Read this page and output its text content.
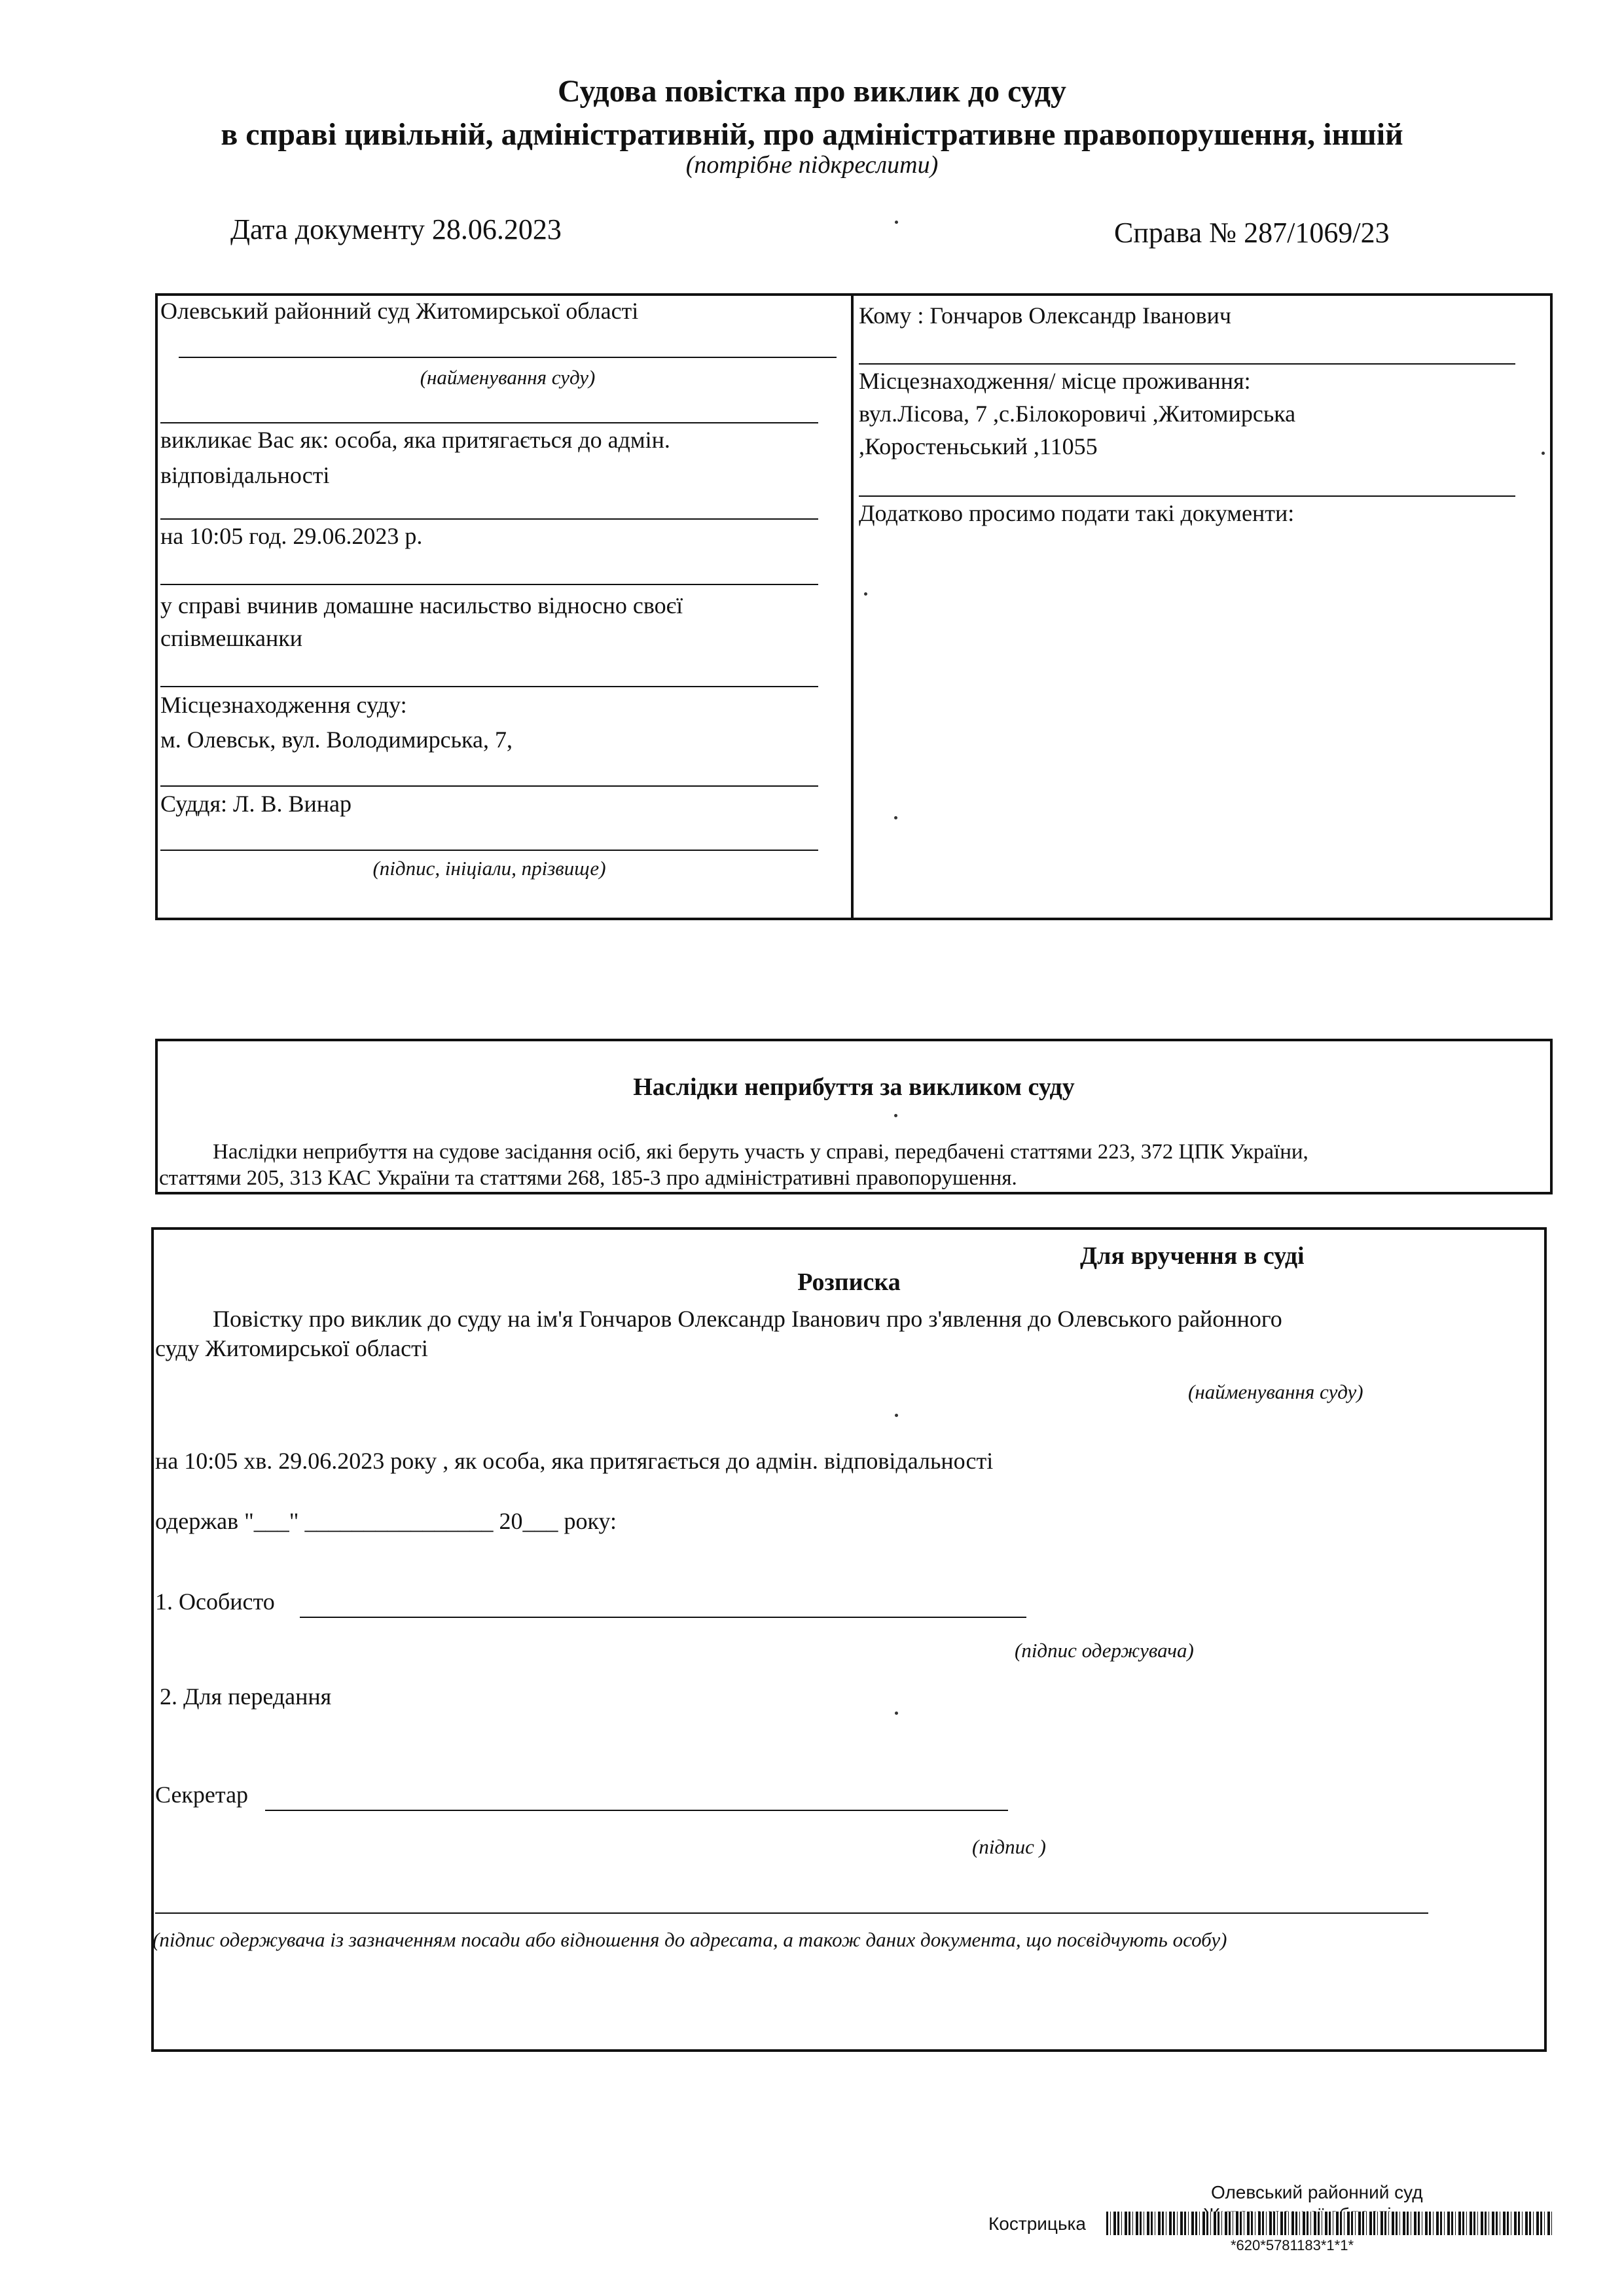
Судова повістка про виклик до суду
в справі цивільній, адміністративній, про адміністративне правопорушення, іншій
(потрібне підкреслити)
Дата документу 28.06.2023	Справа № 287/1069/23
Олевський районний суд Житомирської області
(найменування суду)
викликає Вас як: особа, яка притягається до адмін.
відповідальності
на 10:05 год. 29.06.2023 р.
у справі вчинив домашне насильство відносно своєї
співмешканки
Місцезнаходження суду:
м. Олевськ, вул. Володимирська, 7,
Суддя: Л. В. Винар
(підпис, ініціали, прізвище)
Кому : Гончаров Олександр Іванович
Місцезнаходження/ місце проживання:
вул.Лісова, 7 ,с.Білокоровичі ,Житомирська
,Коростеньський ,11055
Додатково просимо подати такі документи:
Наслідки неприбуття за викликом суду
Наслідки неприбуття на судове засідання осіб, які беруть участь у справі, передбачені статтями 223, 372 ЦПК України,
статтями 205, 313 КАС України та статтями 268, 185-3 про адміністративні правопорушення.
Для вручення в суді
Розписка
Повістку про виклик до суду на ім'я Гончаров Олександр Іванович про з'явлення до Олевського районного
суду Житомирської області
(найменування суду)
на 10:05 хв. 29.06.2023 року , як особа, яка притягається до адмін. відповідальності
одержав "___" ________________ 20___ року:
1. Особисто
(підпис одержувача)
2. Для передання
Секретар
(підпис )
(підпис одержувача із зазначенням посади або відношення до адресата, а також даних документа, що посвідчують особу)
Олевський районний суд
Кострицька
*620*5781183*1*1*
